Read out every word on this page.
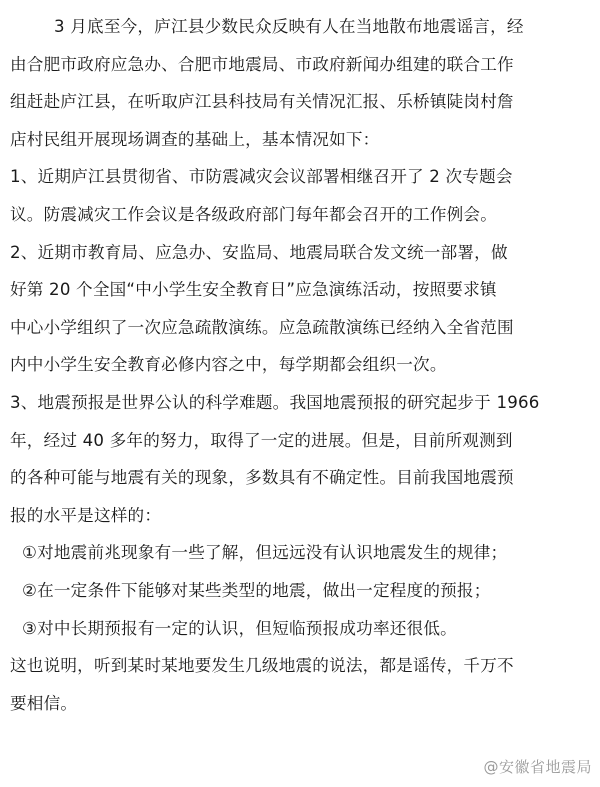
3 月底至今，庐江县少数民众反映有人在当地散布地震谣言，经
由合肥市政府应急办、合肥市地震局、市政府新闻办组建的联合工作
组赶赴庐江县，在听取庐江县科技局有关情况汇报、乐桥镇陡岗村詹
店村民组开展现场调查的基础上，基本情况如下：
1、近期庐江县贯彻省、市防震减灾会议部署相继召开了 2 次专题会
议。防震减灾工作会议是各级政府部门每年都会召开的工作例会。
2、近期市教育局、应急办、安监局、地震局联合发文统一部署，做
好第 20 个全国“中小学生安全教育日”应急演练活动，按照要求镇
中心小学组织了一次应急疏散演练。应急疏散演练已经纳入全省范围
内中小学生安全教育必修内容之中，每学期都会组织一次。
3、地震预报是世界公认的科学难题。我国地震预报的研究起步于 1966
年，经过 40 多年的努力，取得了一定的进展。但是，目前所观测到
的各种可能与地震有关的现象，多数具有不确定性。目前我国地震预
报的水平是这样的：
①对地震前兆现象有一些了解，但远远没有认识地震发生的规律；
②在一定条件下能够对某些类型的地震，做出一定程度的预报；
③对中长期预报有一定的认识，但短临预报成功率还很低。
这也说明，听到某时某地要发生几级地震的说法，都是谣传，千万不
要相信。
@安徽省地震局
